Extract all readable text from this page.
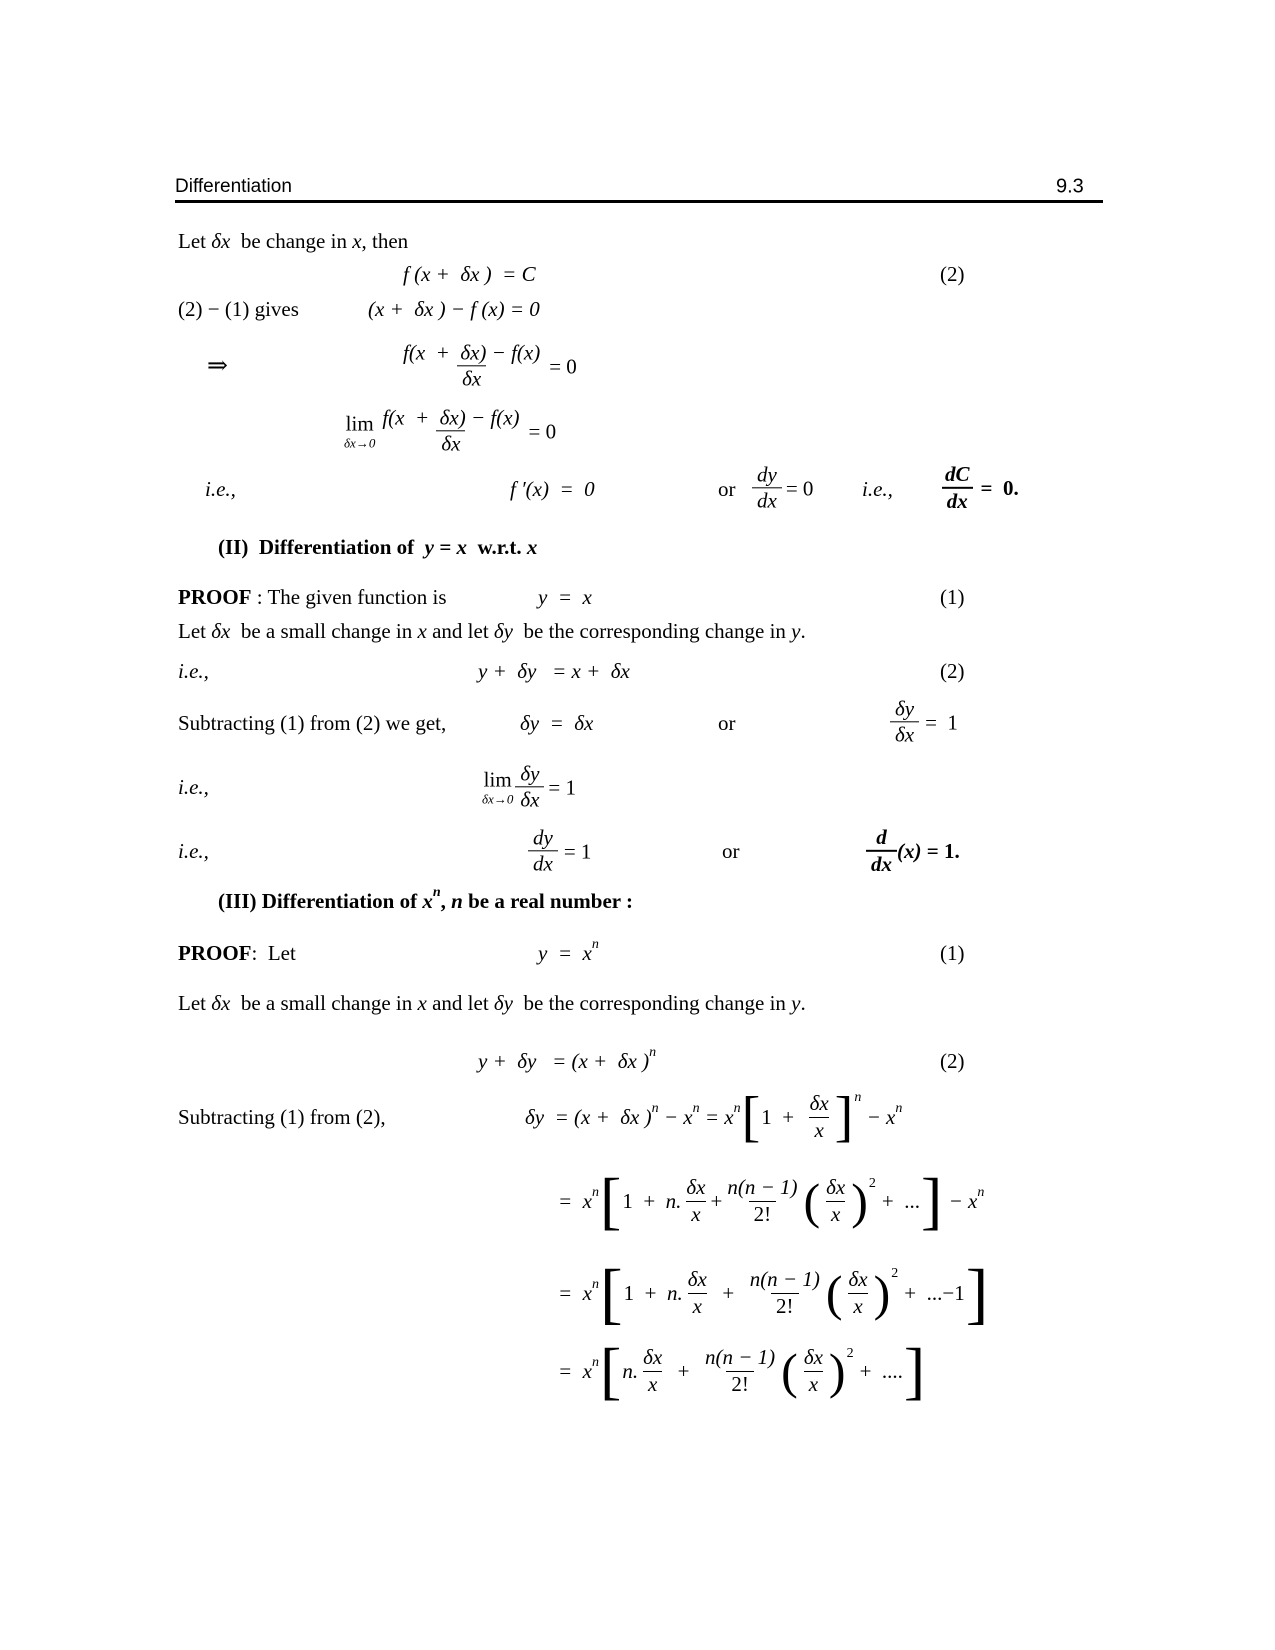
Differentiation	9.3
Let δx be change in x , then
f (x +  δx )  = C	(2)
(2) − (1) gives	(x +  δx ) − f (x) = 0
⇒	$\frac{f(x + \delta x) - f(x)}{\delta x} = 0$
lim
$\delta x\to 0 \frac{f(x + \delta x) - f(x)}{\delta x} = 0$
i.e.,	f ′(x)  =  0	or $\frac{dy}{dx} = 0$ i.e., $\frac{dC}{dx} = 0$.
(II)  Differentiation of y = x w.r.t. x
PROOF : The given function is	y  =  x	(1)
Let δx be a small change in x and let δy be the corresponding change in y .
i.e.,	y +  δy   = x +  δx	(2)
Subtracting (1) from (2) we get,	δy  =  δx	or	$\frac{\delta y}{\delta x} = 1$
i.e.,	lim
$\delta x\to 0 \frac{\delta y}{\delta x} = 1$
i.e.,	$\frac{dy}{dx} = 1$	or	$\frac{d}{dx} (x) = 1$.
(III) Differentiation of x n , n be a real number :
PROOF :  Let	y  =  x n	(1)
Let δx be a small change in x and let δy be the corresponding change in y .
y +  δy   = (x +  δx ) n	(2)
Subtracting (1) from (2),	δy  = (x +  δx ) n − x n = x n [ $1 + \frac{\delta x}{x}$ ] n
− x n
=  x n [ 1  + n. $\frac{\delta x}{x} + \frac{n(n - 1)}{2!}$ ( $\frac{\delta x}{x}$ ) 2
+  ... ] − x n
=  x n [ 1  + n. $\frac{\delta x}{x} + \frac{n(n - 1)}{2!}$ ( $\frac{\delta x}{x}$ ) 2
+  ...−1 ]
=  x n [ n. $\frac{\delta x}{x} + \frac{n(n - 1)}{2!}$ ( $\frac{\delta x}{x}$ ) 2
+  .... ]
